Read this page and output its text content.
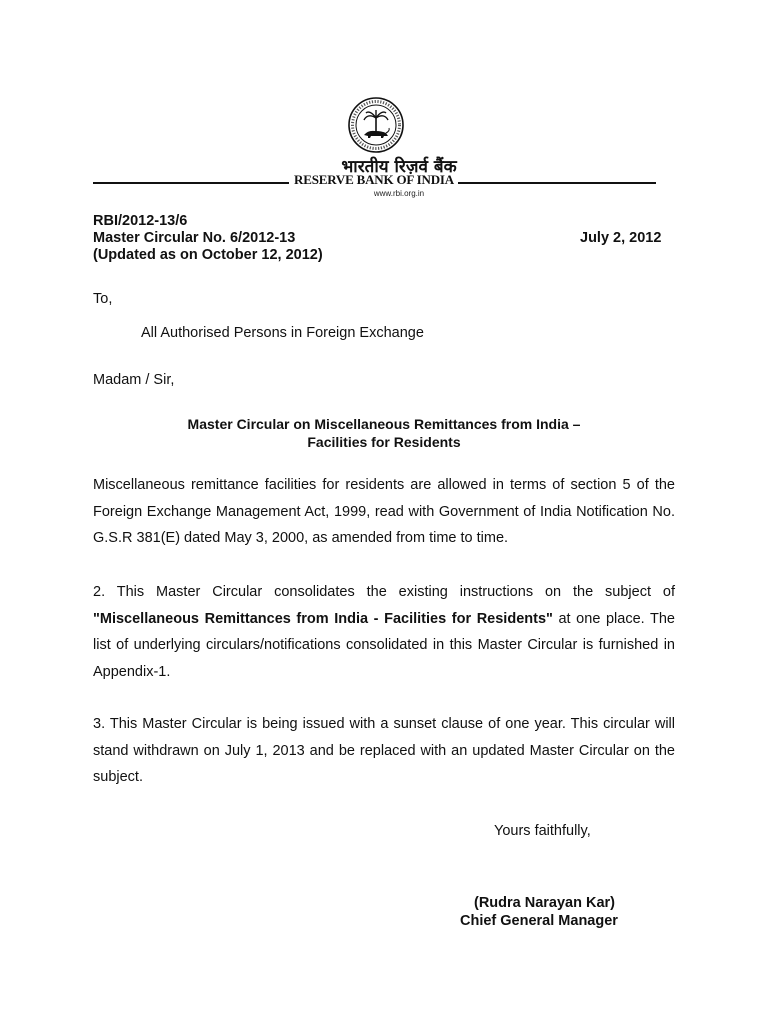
भारतीय रिज़र्व बैंक
RESERVE BANK OF INDIA
www.rbi.org.in
RBI/2012-13/6
Master Circular No. 6/2012-13	July 2, 2012
(Updated as on October 12, 2012)
To,
All Authorised Persons in Foreign Exchange
Madam / Sir,
Master Circular on Miscellaneous Remittances from India –
Facilities for Residents

Miscellaneous remittance facilities for residents are allowed in terms of section 5 of the Foreign Exchange Management Act, 1999, read with Government of India Notification No. G.S.R 381(E) dated May 3, 2000, as amended from time to time.

2. This Master Circular consolidates the existing instructions on the subject of "Miscellaneous Remittances from India - Facilities for Residents" at one place. The list of underlying circulars/notifications consolidated in this Master Circular is furnished in Appendix-1.

3. This Master Circular is being issued with a sunset clause of one year. This circular will stand withdrawn on July 1, 2013 and be replaced with an updated Master Circular on the subject.

Yours faithfully,
(Rudra Narayan Kar)
Chief General Manager
